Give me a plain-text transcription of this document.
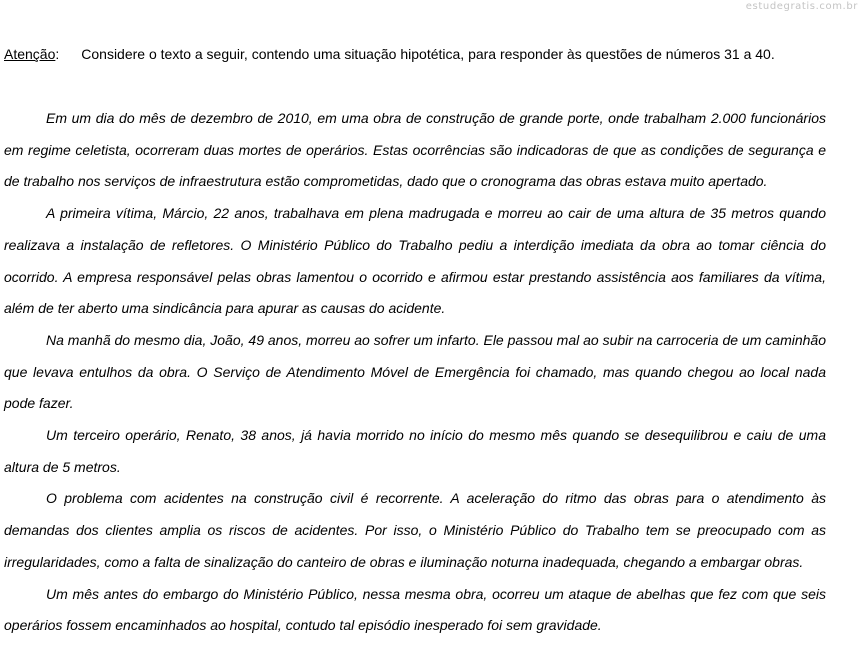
estudegratis.com.br
Atenção: Considere o texto a seguir, contendo uma situação hipotética, para responder às questões de números 31 a 40.

Em um dia do mês de dezembro de 2010, em uma obra de construção de grande porte, onde trabalham 2.000 funcionários em regime celetista, ocorreram duas mortes de operários. Estas ocorrências são indicadoras de que as condições de segurança e de trabalho nos serviços de infraestrutura estão comprometidas, dado que o cronograma das obras estava muito apertado.

A primeira vítima, Márcio, 22 anos, trabalhava em plena madrugada e morreu ao cair de uma altura de 35 metros quando realizava a instalação de refletores. O Ministério Público do Trabalho pediu a interdição imediata da obra ao tomar ciência do ocorrido. A empresa responsável pelas obras lamentou o ocorrido e afirmou estar prestando assistência aos familiares da vítima, além de ter aberto uma sindicância para apurar as causas do acidente.

Na manhã do mesmo dia, João, 49 anos, morreu ao sofrer um infarto. Ele passou mal ao subir na carroceria de um caminhão que levava entulhos da obra. O Serviço de Atendimento Móvel de Emergência foi chamado, mas quando chegou ao local nada pode fazer.

Um terceiro operário, Renato, 38 anos, já havia morrido no início do mesmo mês quando se desequilibrou e caiu de uma altura de 5 metros.

O problema com acidentes na construção civil é recorrente. A aceleração do ritmo das obras para o atendimento às demandas dos clientes amplia os riscos de acidentes. Por isso, o Ministério Público do Trabalho tem se preocupado com as irregularidades, como a falta de sinalização do canteiro de obras e iluminação noturna inadequada, chegando a embargar obras.

Um mês antes do embargo do Ministério Público, nessa mesma obra, ocorreu um ataque de abelhas que fez com que seis operários fossem encaminhados ao hospital, contudo tal episódio inesperado foi sem gravidade.
